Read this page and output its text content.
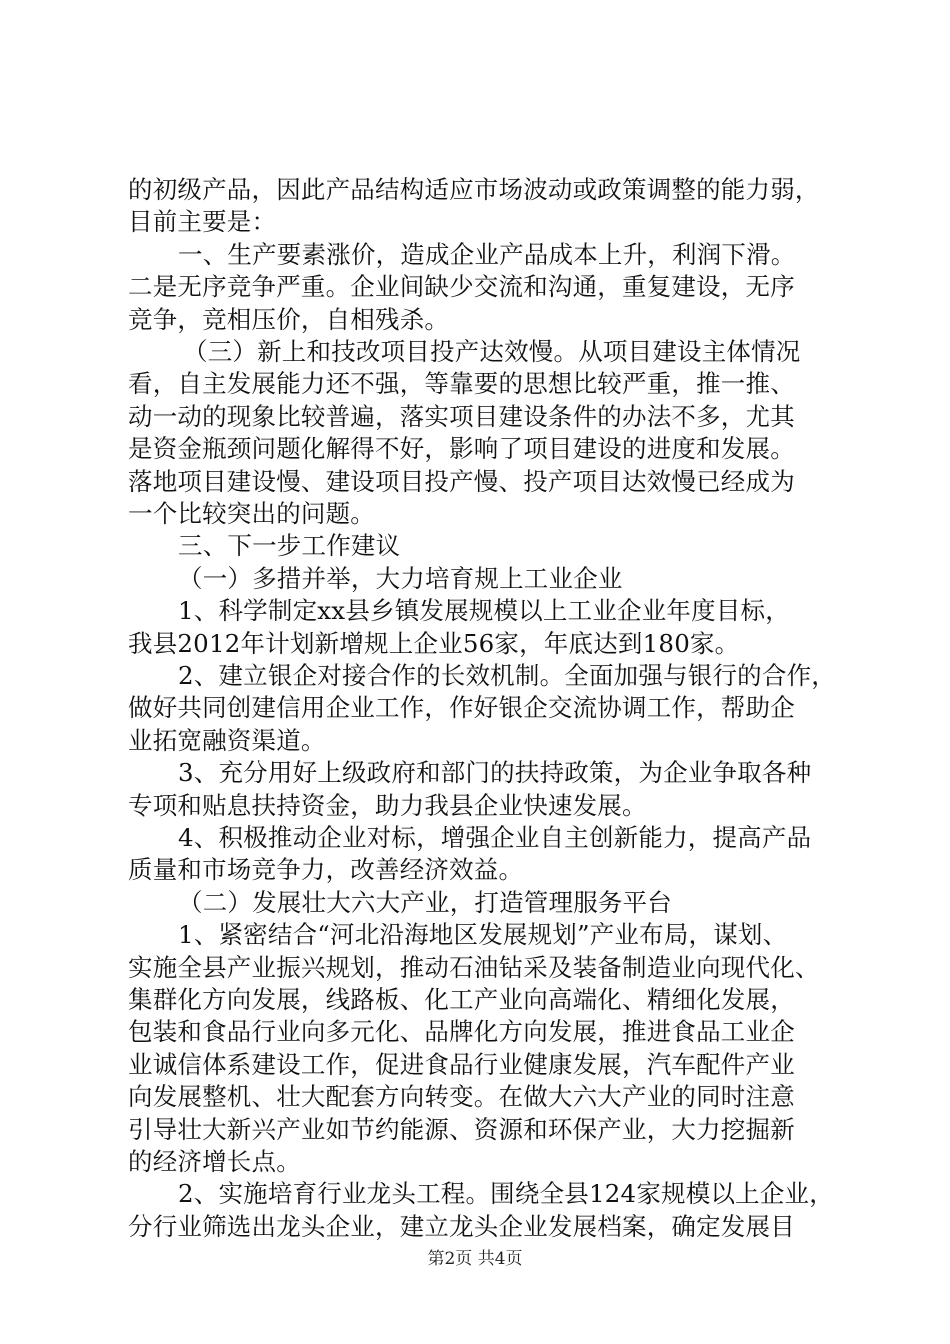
的初级产品，因此产品结构适应市场波动或政策调整的能力弱，
目前主要是：
一、生产要素涨价，造成企业产品成本上升，利润下滑。
二是无序竞争严重。企业间缺少交流和沟通，重复建设，无序
竞争，竞相压价，自相残杀。
（三）新上和技改项目投产达效慢。从项目建设主体情况
看，自主发展能力还不强，等靠要的思想比较严重，推一推、
动一动的现象比较普遍，落实项目建设条件的办法不多，尤其
是资金瓶颈问题化解得不好，影响了项目建设的进度和发展。
落地项目建设慢、建设项目投产慢、投产项目达效慢已经成为
一个比较突出的问题。
三、下一步工作建议
（一）多措并举，大力培育规上工业企业
1、科学制定xx县乡镇发展规模以上工业企业年度目标，
我县2012年计划新增规上企业56家，年底达到180家。
2、建立银企对接合作的长效机制。全面加强与银行的合作，
做好共同创建信用企业工作，作好银企交流协调工作，帮助企
业拓宽融资渠道。
3、充分用好上级政府和部门的扶持政策，为企业争取各种
专项和贴息扶持资金，助力我县企业快速发展。
4、积极推动企业对标，增强企业自主创新能力，提高产品
质量和市场竞争力，改善经济效益。
（二）发展壮大六大产业，打造管理服务平台
1、紧密结合“河北沿海地区发展规划”产业布局，谋划、
实施全县产业振兴规划，推动石油钻采及装备制造业向现代化、
集群化方向发展，线路板、化工产业向高端化、精细化发展，
包装和食品行业向多元化、品牌化方向发展，推进食品工业企
业诚信体系建设工作，促进食品行业健康发展，汽车配件产业
向发展整机、壮大配套方向转变。在做大六大产业的同时注意
引导壮大新兴产业如节约能源、资源和环保产业，大力挖掘新
的经济增长点。
2、实施培育行业龙头工程。围绕全县124家规模以上企业，
分行业筛选出龙头企业，建立龙头企业发展档案，确定发展目
第2页 共4页
